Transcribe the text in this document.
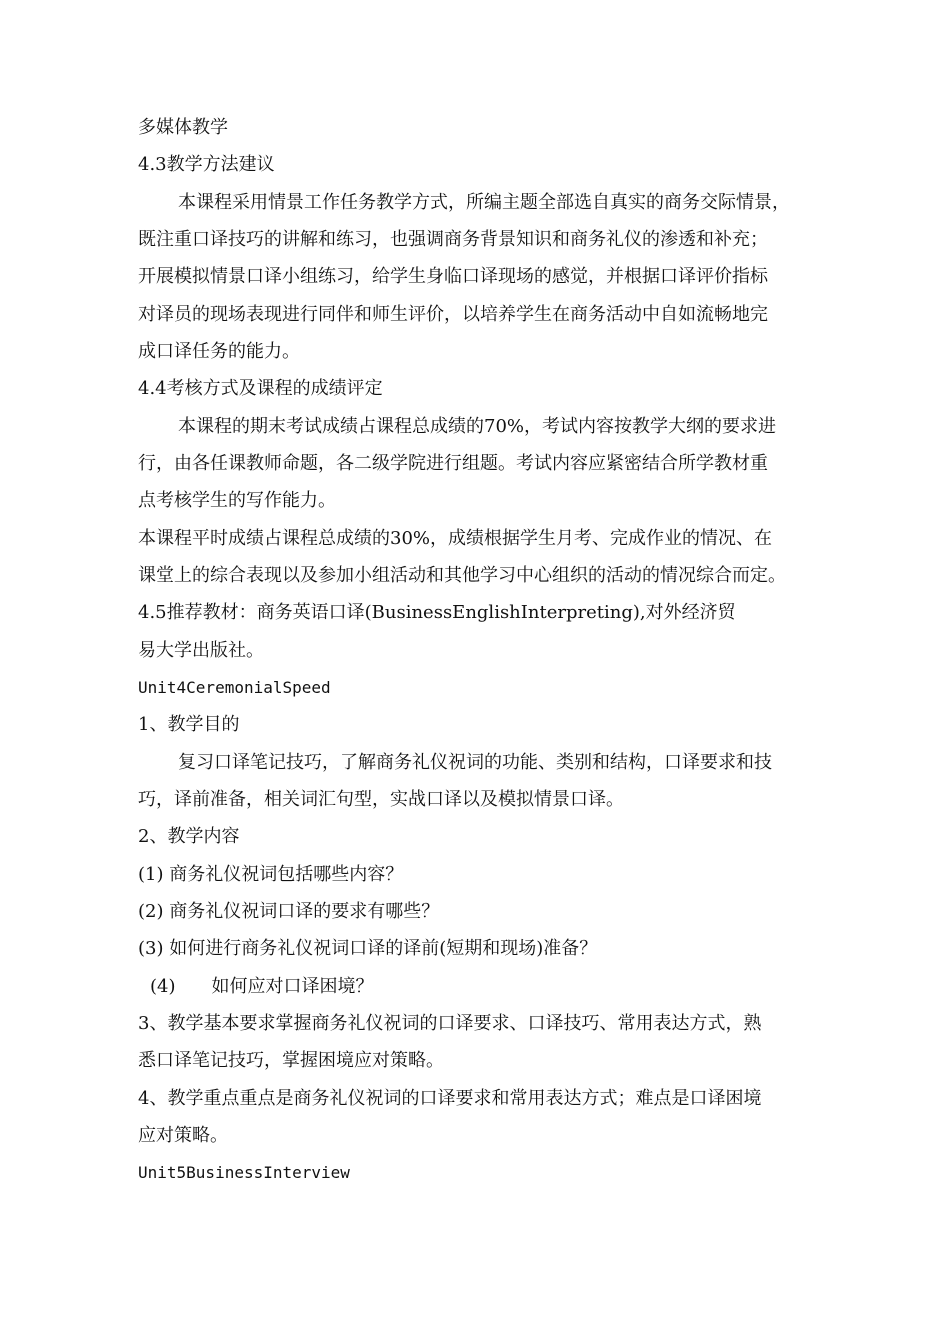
多媒体教学

4.3教学方法建议

本课程采用情景工作任务教学方式，所编主题全部选自真实的商务交际情景，

既注重口译技巧的讲解和练习，也强调商务背景知识和商务礼仪的渗透和补充；

开展模拟情景口译小组练习，给学生身临口译现场的感觉，并根据口译评价指标

对译员的现场表现进行同伴和师生评价，以培养学生在商务活动中自如流畅地完

成口译任务的能力。

4.4考核方式及课程的成绩评定

本课程的期末考试成绩占课程总成绩的70%，考试内容按教学大纲的要求进

行，由各任课教师命题，各二级学院进行组题。考试内容应紧密结合所学教材重

点考核学生的写作能力。

本课程平时成绩占课程总成绩的30%，成绩根据学生月考、完成作业的情况、在

课堂上的综合表现以及参加小组活动和其他学习中心组织的活动的情况综合而定。

4.5推荐教材：商务英语口译(BusinessEnglishInterpreting),对外经济贸

易大学出版社。

Unit4CeremonialSpeed

1、教学目的

复习口译笔记技巧，了解商务礼仪祝词的功能、类别和结构，口译要求和技

巧，译前准备，相关词汇句型，实战口译以及模拟情景口译。

2、教学内容

(1) 商务礼仪祝词包括哪些内容？

(2) 商务礼仪祝词口译的要求有哪些？

(3) 如何进行商务礼仪祝词口译的译前(短期和现场)准备？

(4) 如何应对口译困境？

3、教学基本要求掌握商务礼仪祝词的口译要求、口译技巧、常用表达方式，熟

悉口译笔记技巧，掌握困境应对策略。

4、教学重点重点是商务礼仪祝词的口译要求和常用表达方式；难点是口译困境

应对策略。

Unit5BusinessInterview
